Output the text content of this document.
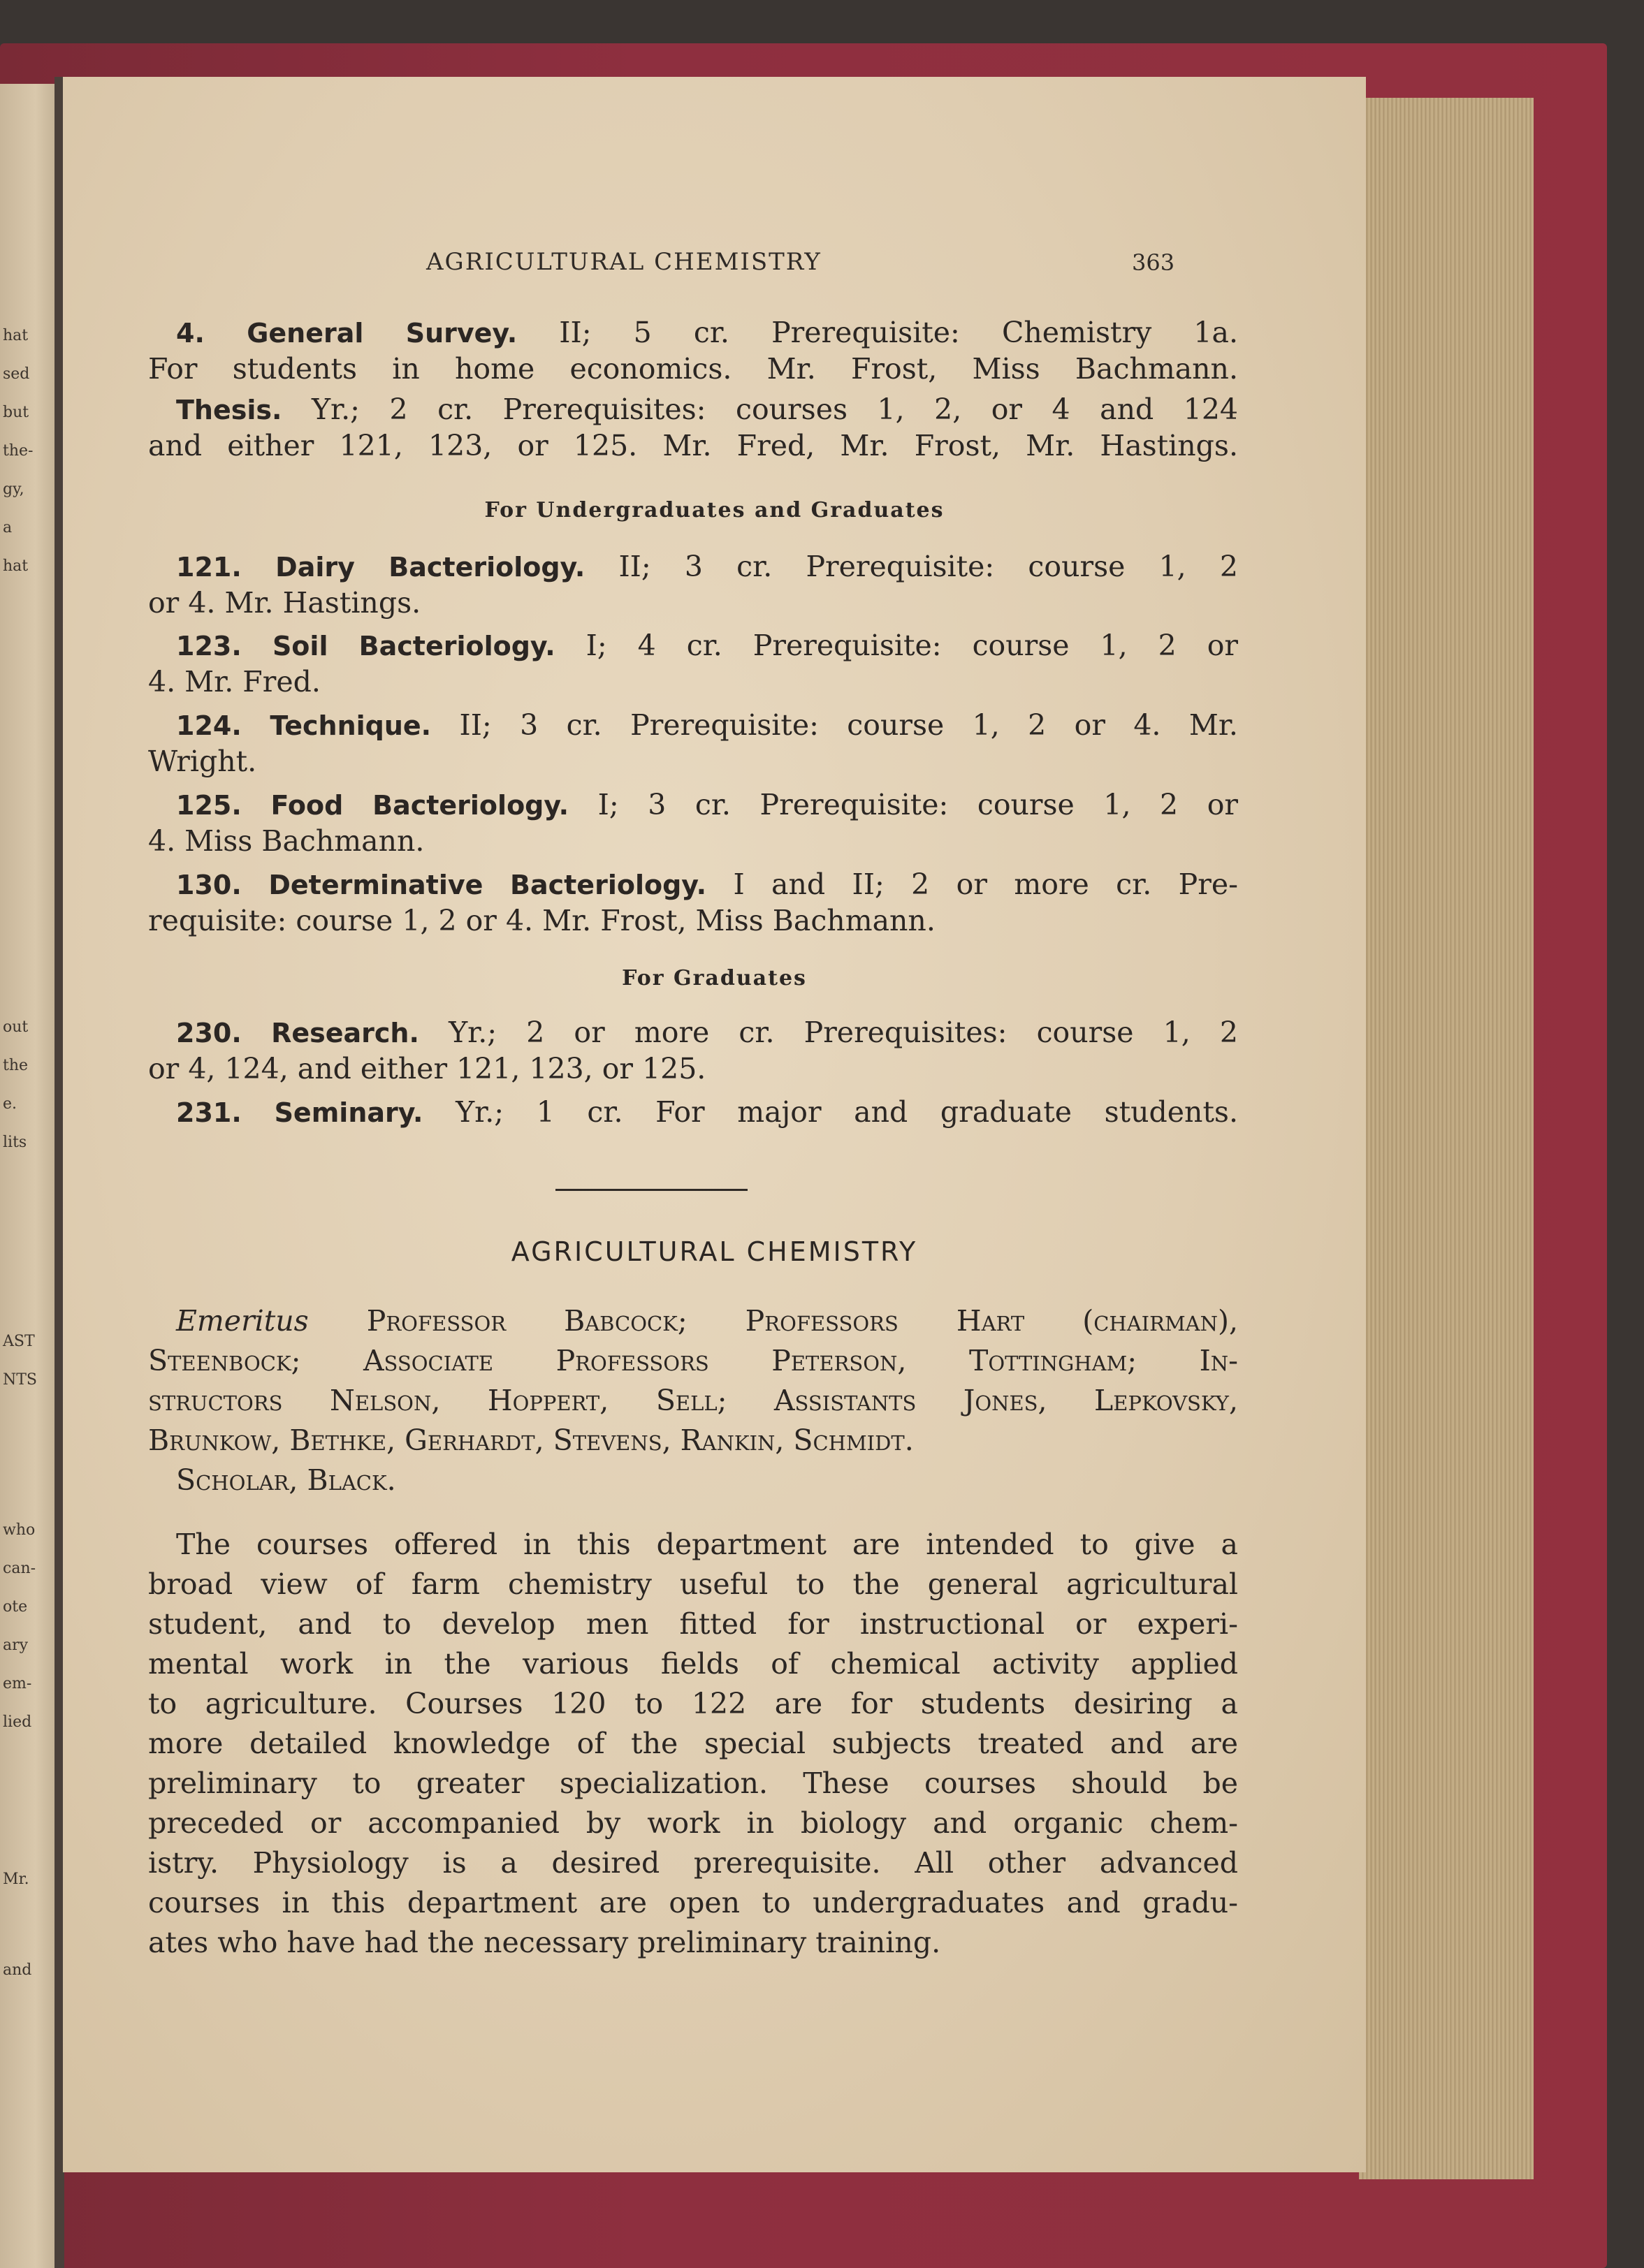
hat
sed
but
the-
gy,
a
hat
out
the
e.
lits
AST
NTS
who
can-
ote
ary
em-
lied
Mr.
and
AGRICULTURAL CHEMISTRY	363
4. General Survey. II; 5 cr. Prerequisite: Chemistry 1a.
For students in home economics. Mr. Frost, Miss Bachmann.
Thesis. Yr.; 2 cr. Prerequisites: courses 1, 2, or 4 and 124
and either 121, 123, or 125. Mr. Fred, Mr. Frost, Mr. Hastings.
For Undergraduates and Graduates
121. Dairy Bacteriology. II; 3 cr. Prerequisite: course 1, 2
or 4. Mr. Hastings.
123. Soil Bacteriology. I; 4 cr. Prerequisite: course 1, 2 or
4. Mr. Fred.
124. Technique. II; 3 cr. Prerequisite: course 1, 2 or 4. Mr.
Wright.
125. Food Bacteriology. I; 3 cr. Prerequisite: course 1, 2 or
4. Miss Bachmann.
130. Determinative Bacteriology. I and II; 2 or more cr. Pre-
requisite: course 1, 2 or 4. Mr. Frost, Miss Bachmann.
For Graduates
230. Research. Yr.; 2 or more cr. Prerequisites: course 1, 2
or 4, 124, and either 121, 123, or 125.
231. Seminary. Yr.; 1 cr. For major and graduate students.
AGRICULTURAL CHEMISTRY
Emeritus Professor Babcock; Professors Hart (chairman),
Steenbock; Associate Professors Peterson, Tottingham; In-
structors Nelson, Hoppert, Sell; Assistants Jones, Lepkovsky,
Brunkow, Bethke, Gerhardt, Stevens, Rankin, Schmidt.
Scholar, Black.
The courses offered in this department are intended to give a
broad view of farm chemistry useful to the general agricultural
student, and to develop men fitted for instructional or experi-
mental work in the various fields of chemical activity applied
to agriculture. Courses 120 to 122 are for students desiring a
more detailed knowledge of the special subjects treated and are
preliminary to greater specialization. These courses should be
preceded or accompanied by work in biology and organic chem-
istry. Physiology is a desired prerequisite. All other advanced
courses in this department are open to undergraduates and gradu-
ates who have had the necessary preliminary training.
